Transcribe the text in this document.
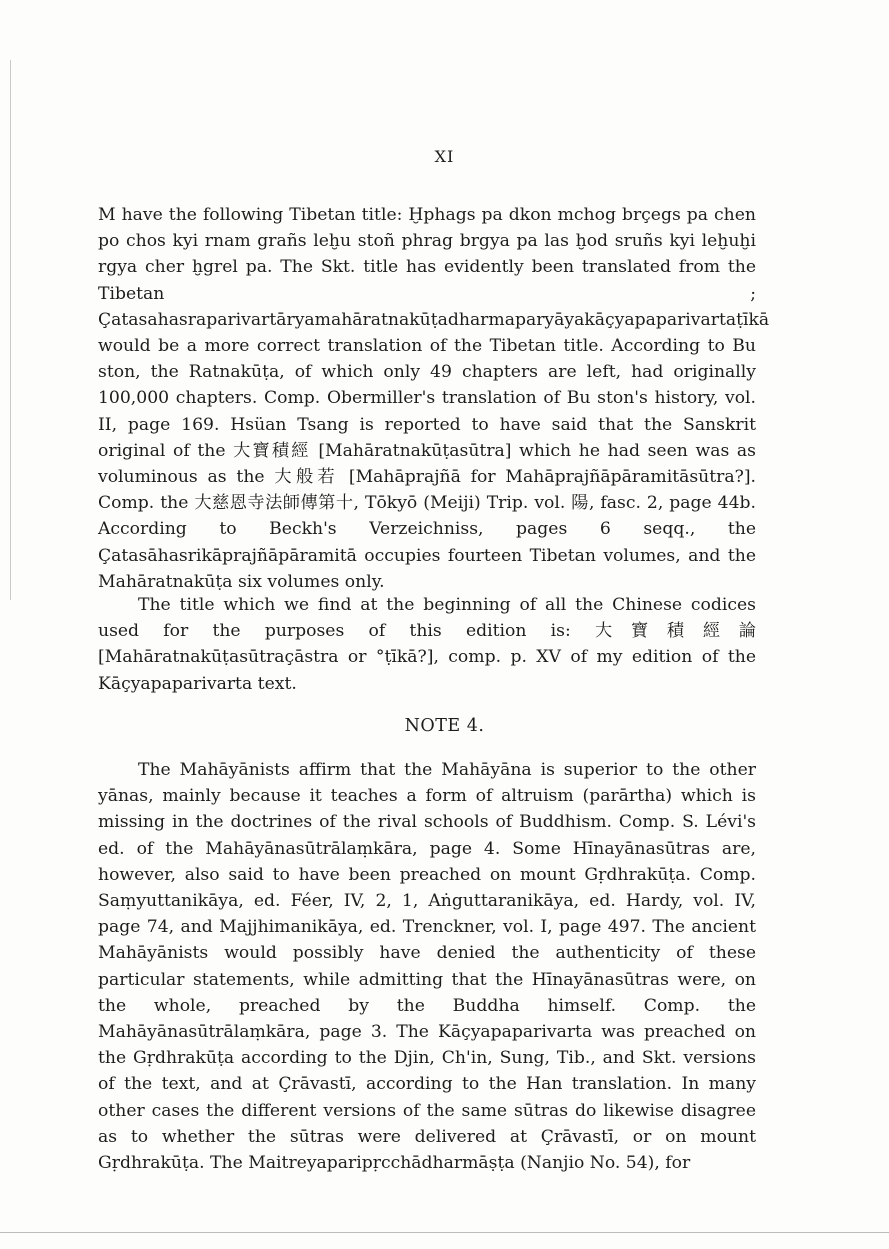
XI

M have the following Tibetan title: Ḫphags pa dkon mchog brçegs pa chen po chos kyi rnam grañs leḫu stoñ phrag brgya pa las ḫod sruñs kyi leḫuḫi rgya cher ḫgrel pa. The Skt. title has evidently been translated from the Tibetan ; Çatasahasraparivartāryamahāratnakūṭadharmaparyāyakāçyapaparivartaṭīkā would be a more correct translation of the Tibetan title. According to Bu ston, the Ratnakūṭa, of which only 49 chapters are left, had originally 100,000 chapters. Comp. Obermiller's translation of Bu ston's history, vol. II, page 169. Hsüan Tsang is reported to have said that the Sanskrit original of the 大寶積經 [Mahāratnakūṭasūtra] which he had seen was as voluminous as the 大般若 [Mahāprajñā for Mahāprajñāpāramitāsūtra?]. Comp. the 大慈恩寺法師傳第十, Tōkyō (Meiji) Trip. vol. 陽, fasc. 2, page 44b. According to Beckh's Verzeichniss, pages 6 seqq., the Çatasāhasrikāprajñāpāramitā occupies fourteen Tibetan volumes, and the Mahāratnakūṭa six volumes only.

The title which we find at the beginning of all the Chinese codices used for the purposes of this edition is: 大寶積經論 [Mahāratnakūṭasūtraçāstra or °ṭīkā?], comp. p. XV of my edition of the Kāçyapaparivarta text.

NOTE 4.

The Mahāyānists affirm that the Mahāyāna is superior to the other yānas, mainly because it teaches a form of altruism (parārtha) which is missing in the doctrines of the rival schools of Buddhism. Comp. S. Lévi's ed. of the Mahāyānasūtrālaṃkāra, page 4. Some Hīnayānasūtras are, however, also said to have been preached on mount Gṛdhrakūṭa. Comp. Saṃyuttanikāya, ed. Féer, IV, 2, 1, Aṅguttaranikāya, ed. Hardy, vol. IV, page 74, and Majjhimanikāya, ed. Trenckner, vol. I, page 497. The ancient Mahāyānists would possibly have denied the authenticity of these particular statements, while admitting that the Hīnayānasūtras were, on the whole, preached by the Buddha himself. Comp. the Mahāyānasūtrālaṃkāra, page 3. The Kāçyapaparivarta was preached on the Gṛdhrakūṭa according to the Djin, Ch'in, Sung, Tib., and Skt. versions of the text, and at Çrāvastī, according to the Han translation. In many other cases the different versions of the same sūtras do likewise disagree as to whether the sūtras were delivered at Çrāvastī, or on mount Gṛdhrakūṭa. The Maitreyaparipṛcchādharmāṣṭa (Nanjio No. 54), for
